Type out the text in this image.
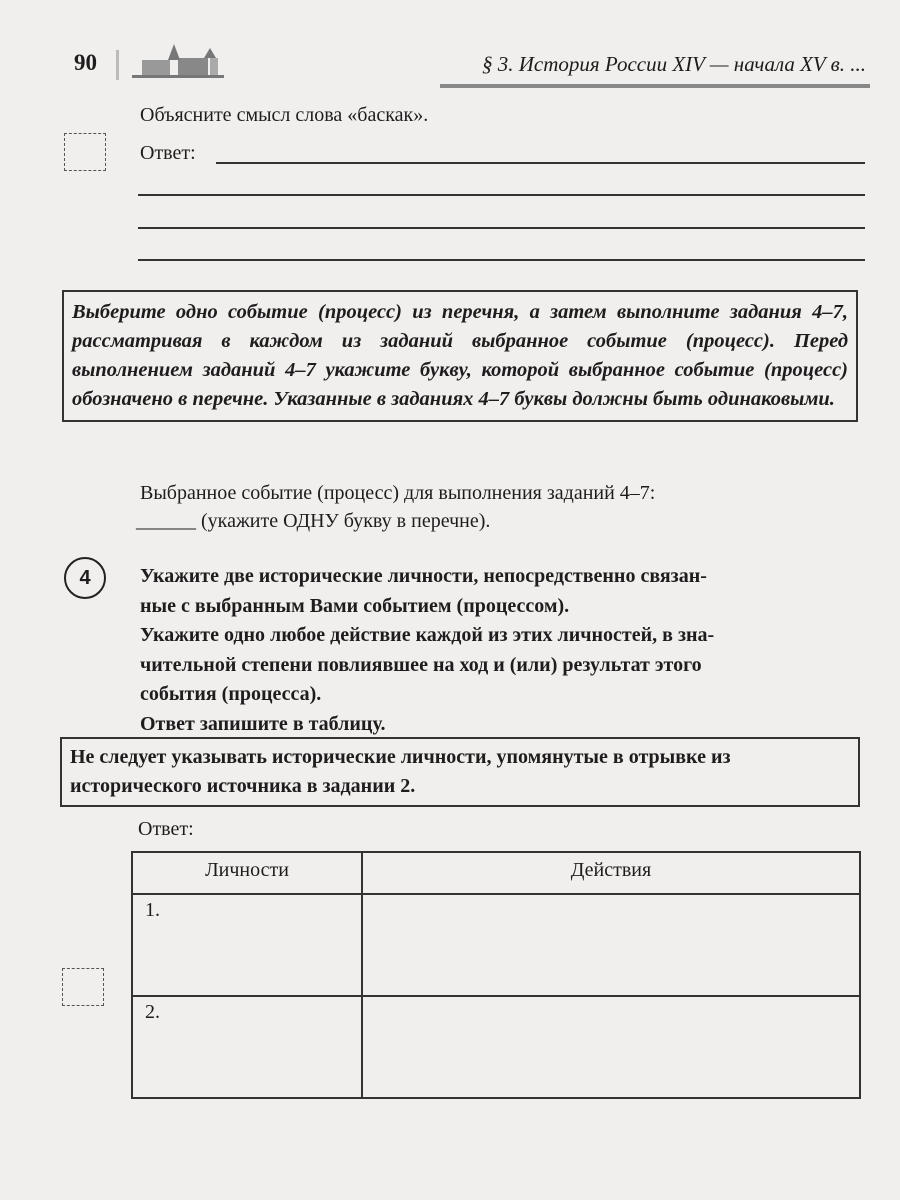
90	§ 3. История России XIV — начала XV в. ...
Объясните смысл слова «баскак».
Ответ:
Выберите одно событие (процесс) из перечня, а затем выполните задания 4–7, рассматривая в каждом из заданий выбранное событие (процесс). Перед выполнением заданий 4–7 укажите букву, которой выбранное событие (процесс) обозначено в перечне. Указанные в заданиях 4–7 буквы должны быть одинаковыми.
Выбранное событие (процесс) для выполнения заданий 4–7:
______ (укажите ОДНУ букву в перечне).
4	Укажите две исторические личности, непосредственно связан-
ные с выбранным Вами событием (процессом).
Укажите одно любое действие каждой из этих личностей, в зна-
чительной степени повлиявшее на ход и (или) результат этого
события (процесса).
Ответ запишите в таблицу.
Не следует указывать исторические личности, упомянутые в отрывке из исторического источника в задании 2.
Ответ:
Личности	Действия
1.	
2.	
